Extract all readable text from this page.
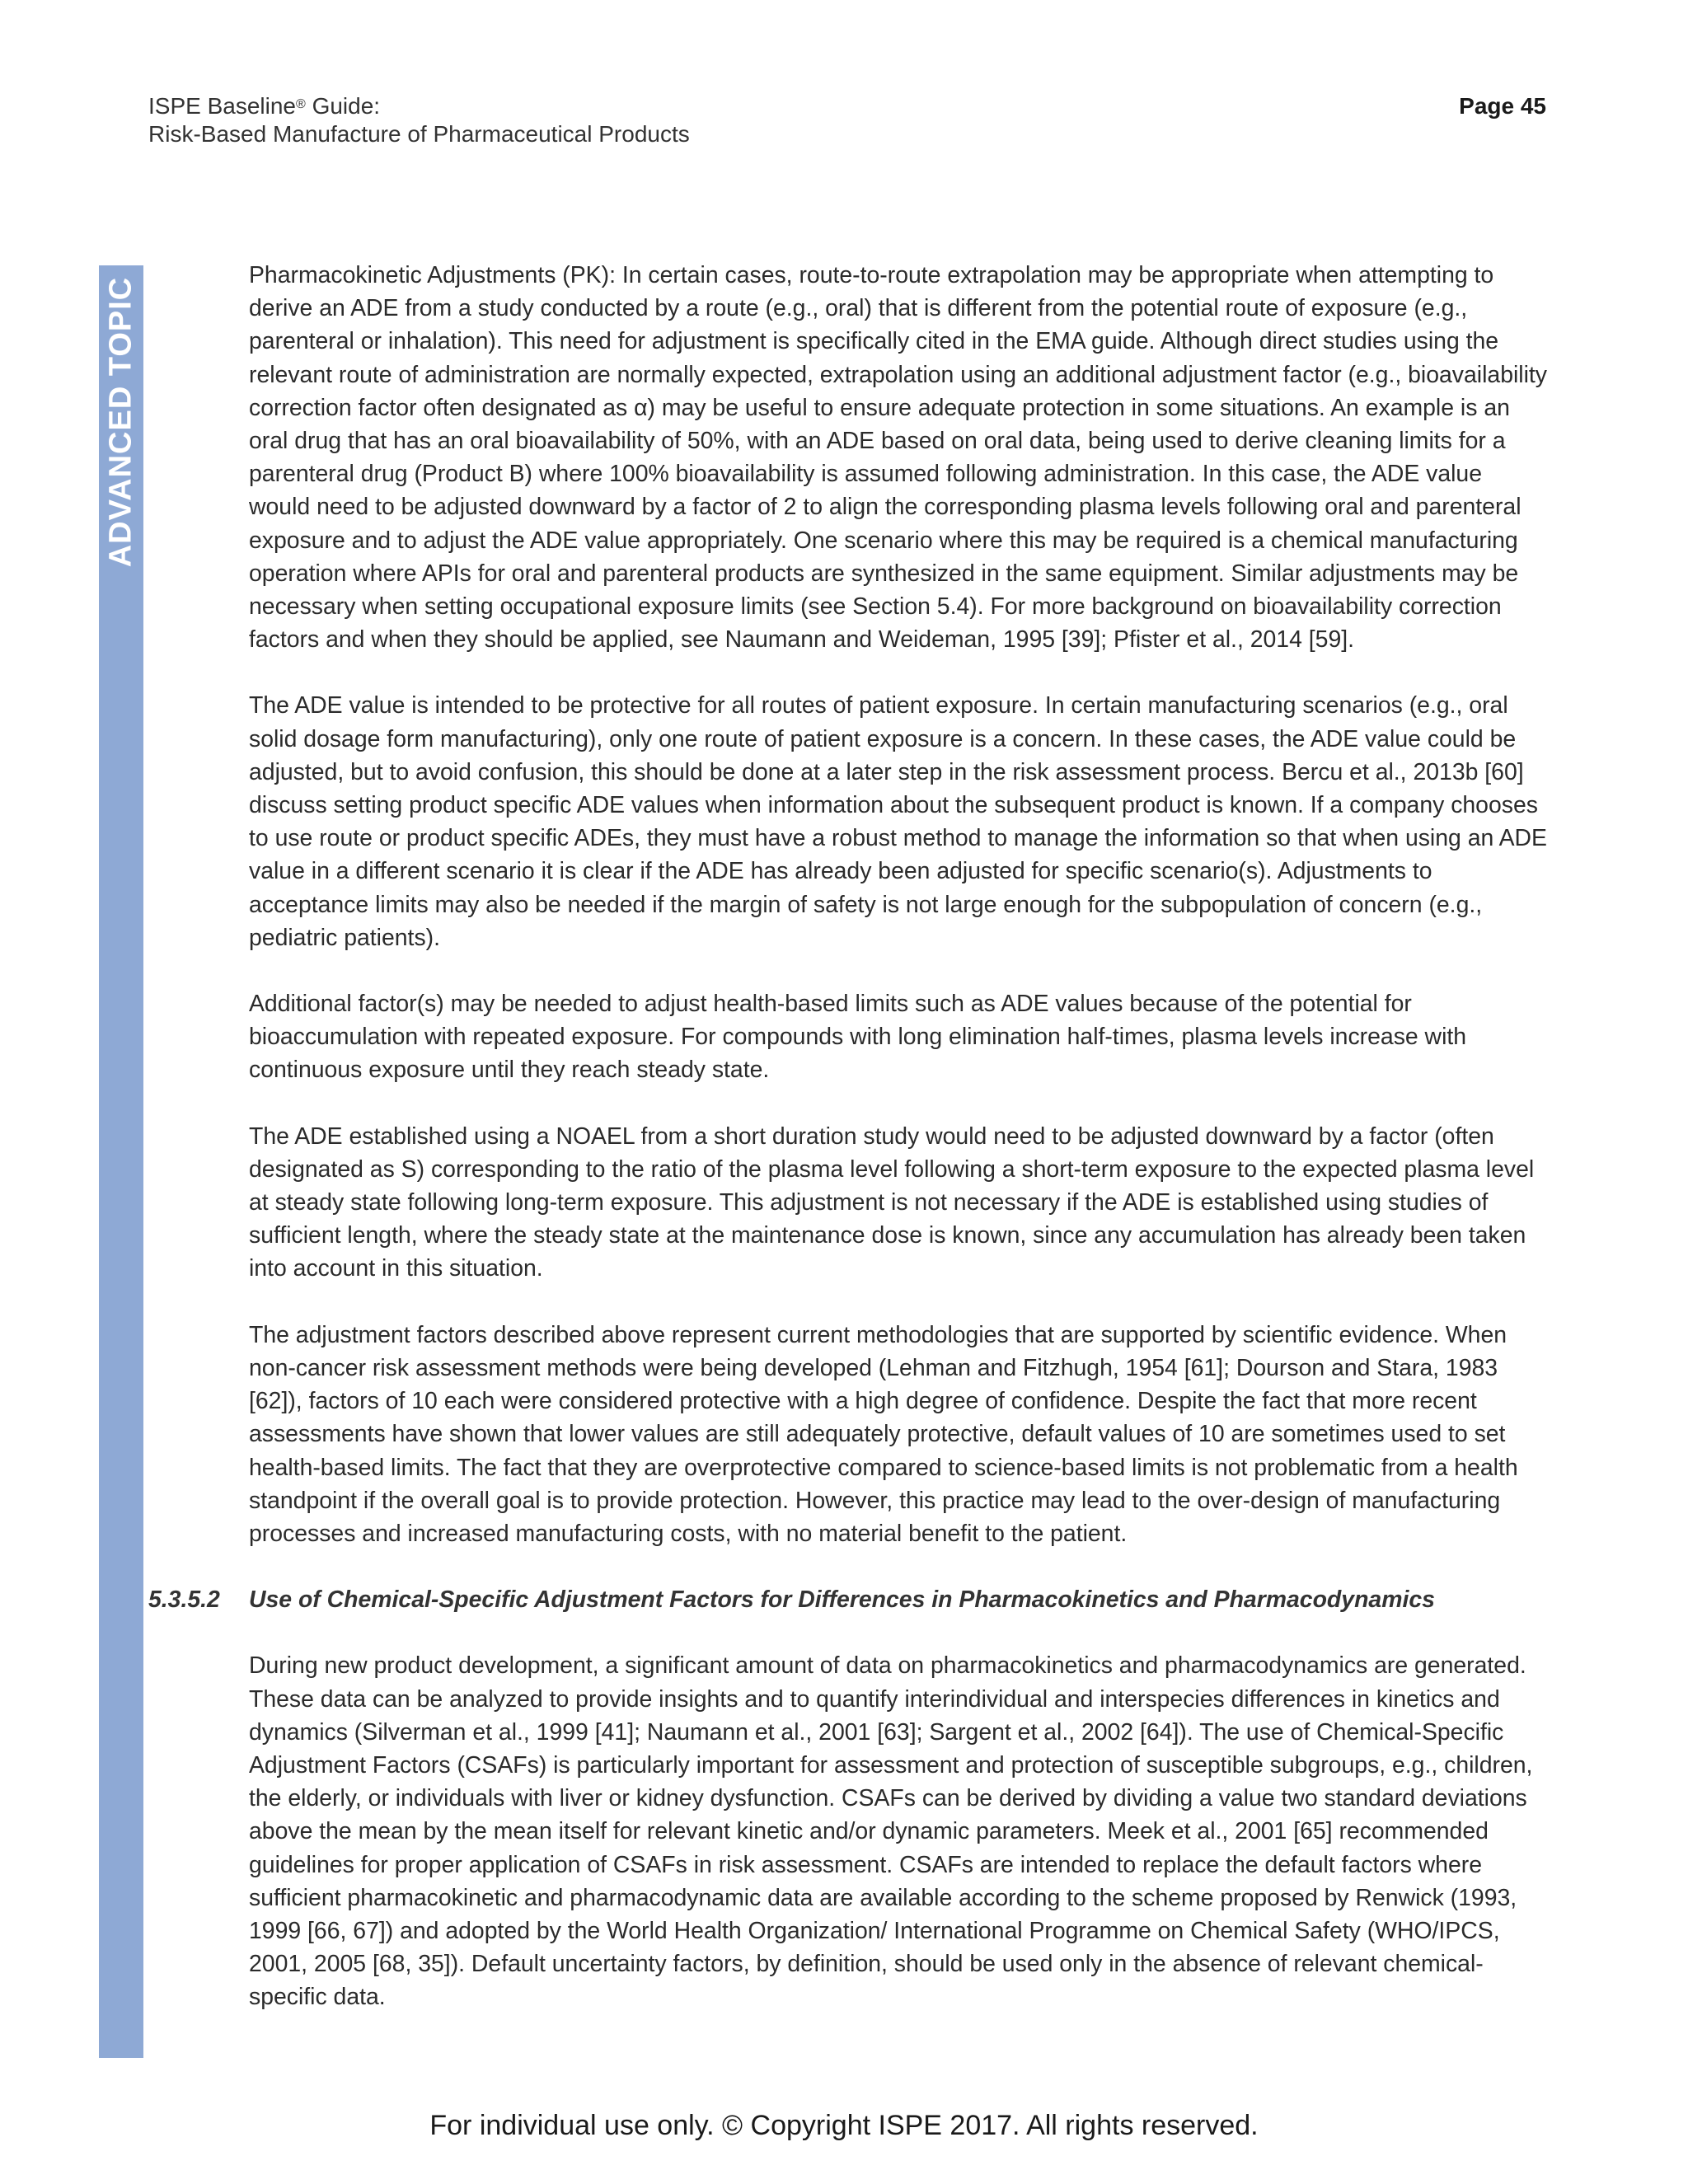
ISPE Baseline® Guide:
Risk-Based Manufacture of Pharmaceutical Products
Page 45
ADVANCED TOPIC

Pharmacokinetic Adjustments (PK): In certain cases, route-to-route extrapolation may be appropriate when attempting to derive an ADE from a study conducted by a route (e.g., oral) that is different from the potential route of exposure (e.g., parenteral or inhalation). This need for adjustment is specifically cited in the EMA guide. Although direct studies using the relevant route of administration are normally expected, extrapolation using an additional adjustment factor (e.g., bioavailability correction factor often designated as α) may be useful to ensure adequate protection in some situations. An example is an oral drug that has an oral bioavailability of 50%, with an ADE based on oral data, being used to derive cleaning limits for a parenteral drug (Product B) where 100% bioavailability is assumed following administration. In this case, the ADE value would need to be adjusted downward by a factor of 2 to align the corresponding plasma levels following oral and parenteral exposure and to adjust the ADE value appropriately. One scenario where this may be required is a chemical manufacturing operation where APIs for oral and parenteral products are synthesized in the same equipment. Similar adjustments may be necessary when setting occupational exposure limits (see Section 5.4). For more background on bioavailability correction factors and when they should be applied, see Naumann and Weideman, 1995 [39]; Pfister et al., 2014 [59].

The ADE value is intended to be protective for all routes of patient exposure. In certain manufacturing scenarios (e.g., oral solid dosage form manufacturing), only one route of patient exposure is a concern. In these cases, the ADE value could be adjusted, but to avoid confusion, this should be done at a later step in the risk assessment process. Bercu et al., 2013b [60] discuss setting product specific ADE values when information about the subsequent product is known. If a company chooses to use route or product specific ADEs, they must have a robust method to manage the information so that when using an ADE value in a different scenario it is clear if the ADE has already been adjusted for specific scenario(s). Adjustments to acceptance limits may also be needed if the margin of safety is not large enough for the subpopulation of concern (e.g., pediatric patients).

Additional factor(s) may be needed to adjust health-based limits such as ADE values because of the potential for bioaccumulation with repeated exposure. For compounds with long elimination half-times, plasma levels increase with continuous exposure until they reach steady state.

The ADE established using a NOAEL from a short duration study would need to be adjusted downward by a factor (often designated as S) corresponding to the ratio of the plasma level following a short-term exposure to the expected plasma level at steady state following long-term exposure. This adjustment is not necessary if the ADE is established using studies of sufficient length, where the steady state at the maintenance dose is known, since any accumulation has already been taken into account in this situation.

The adjustment factors described above represent current methodologies that are supported by scientific evidence. When non-cancer risk assessment methods were being developed (Lehman and Fitzhugh, 1954 [61]; Dourson and Stara, 1983 [62]), factors of 10 each were considered protective with a high degree of confidence. Despite the fact that more recent assessments have shown that lower values are still adequately protective, default values of 10 are sometimes used to set health-based limits. The fact that they are overprotective compared to science-based limits is not problematic from a health standpoint if the overall goal is to provide protection. However, this practice may lead to the over-design of manufacturing processes and increased manufacturing costs, with no material benefit to the patient.

5.3.5.2 Use of Chemical-Specific Adjustment Factors for Differences in Pharmacokinetics and Pharmacodynamics

During new product development, a significant amount of data on pharmacokinetics and pharmacodynamics are generated. These data can be analyzed to provide insights and to quantify interindividual and interspecies differences in kinetics and dynamics (Silverman et al., 1999 [41]; Naumann et al., 2001 [63]; Sargent et al., 2002 [64]). The use of Chemical-Specific Adjustment Factors (CSAFs) is particularly important for assessment and protection of susceptible subgroups, e.g., children, the elderly, or individuals with liver or kidney dysfunction. CSAFs can be derived by dividing a value two standard deviations above the mean by the mean itself for relevant kinetic and/or dynamic parameters. Meek et al., 2001 [65] recommended guidelines for proper application of CSAFs in risk assessment. CSAFs are intended to replace the default factors where sufficient pharmacokinetic and pharmacodynamic data are available according to the scheme proposed by Renwick (1993, 1999 [66, 67]) and adopted by the World Health Organization/ International Programme on Chemical Safety (WHO/IPCS, 2001, 2005 [68, 35]). Default uncertainty factors, by definition, should be used only in the absence of relevant chemical-specific data.

For individual use only. © Copyright ISPE 2017. All rights reserved.
